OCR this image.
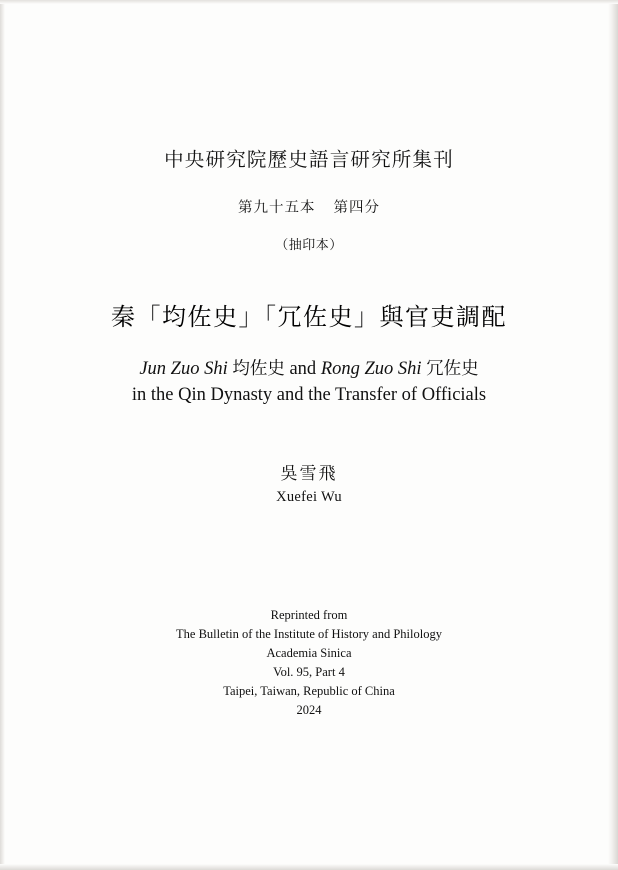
中央研究院歷史語言研究所集刊
第九十五本 第四分
（抽印本）
秦「均佐史」「冗佐史」與官吏調配
Jun Zuo Shi 均佐史 and Rong Zuo Shi 冗佐史
in the Qin Dynasty and the Transfer of Officials
吳雪飛
Xuefei Wu
Reprinted from
The Bulletin of the Institute of History and Philology
Academia Sinica
Vol. 95, Part 4
Taipei, Taiwan, Republic of China
2024
